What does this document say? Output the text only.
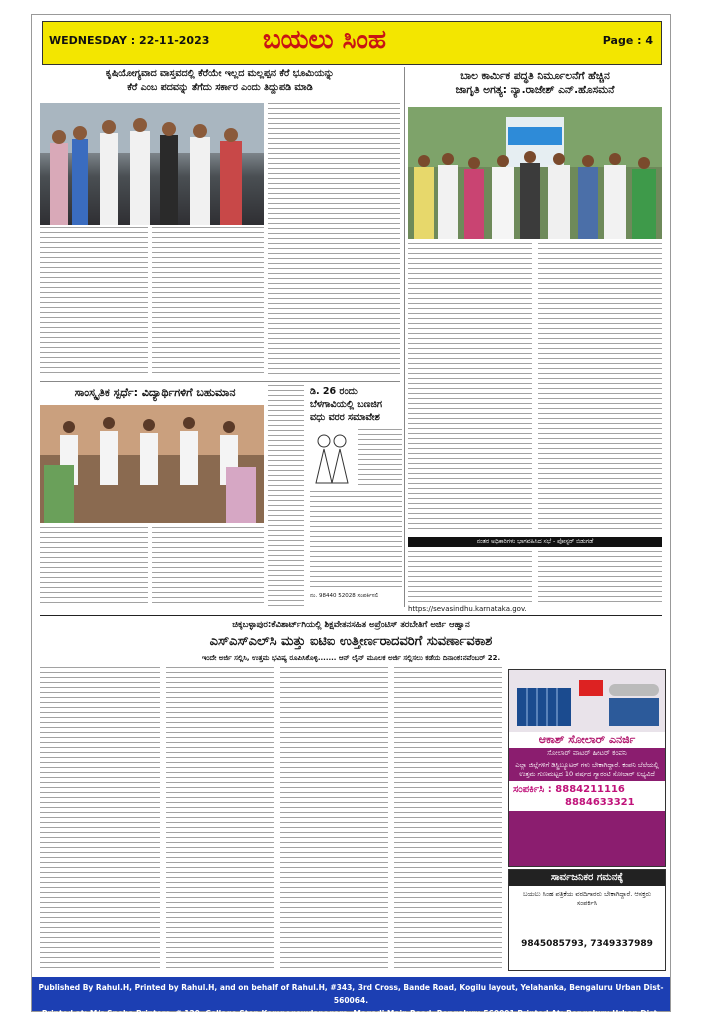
WEDNESDAY : 22-11-2023 ಬಯಲು ಸಿಂಹ	Page : 4
ಕೃಷಿಯೋಗ್ಯವಾದ ವಾಸ್ತವದಲ್ಲಿ ಕೆರೆಯೇ ಇಲ್ಲದ ಮಲ್ಲಪ್ಪನ ಕೆರೆ ಭೂಮಿಯನ್ನು
ಕೆರೆ ಎಂಬ ಪದವನ್ನು ತೆಗೆದು ಸರ್ಕಾರ ಎಂದು ತಿದ್ದುಪಡಿ ಮಾಡಿ
ಬಾಲ ಕಾರ್ಮಿಕ ಪದ್ಧತಿ ನಿರ್ಮೂಲನೆಗೆ ಹೆಚ್ಚಿನ
ಜಾಗೃತಿ ಅಗತ್ಯ: ನ್ಯಾ.ರಾಜೇಶ್ ಎನ್.ಹೊಸಮನೆ
ನಂತರ ಅಧಿಕಾರಿಗಳು ಭಾಗವಹಿಸಿದ ಸಭೆ - ಪೋಸ್ಟರ್ ಬಿಡುಗಡೆ
ಸಾಂಸ್ಕೃತಿಕ ಸ್ಪರ್ಧೆ: ವಿದ್ಯಾರ್ಥಿಗಳಿಗೆ ಬಹುಮಾನ	ಡಿ. 26 ರಂದು
ಬೆಳಗಾವಿಯಲ್ಲಿ ಬಣಜಿಗ
ವಧು ವರರ ಸಮಾವೇಶ
ನಂ. 98440 52028 ಸಂಪರ್ಕಿಸಲಿ
https://sevasindhu.karnataka.gov.
ಚಿಕ್ಕಬಳ್ಳಾಪುರ:ಕೆವಿಶಾರ್ಟ್‌ಗಿಯಲ್ಲಿ ಶಿಕ್ಷವೇತನಸಹಿತ ಅಪ್ರೆಂಟಿಸ್ ತರಬೇತಿಗೆ ಅರ್ಜಿ ಆಹ್ವಾನ
ಎಸ್‌ಎಸ್‌ಎಲ್‌ಸಿ ಮತ್ತು ಐಟಿಐ ಉತ್ತೀರ್ಣರಾದವರಿಗೆ ಸುವರ್ಣಾವಕಾಶ
ಇಂದೇ ಅರ್ಜಿ ಸಲ್ಲಿಸಿ, ಉತ್ತಮ ಭವಿಷ್ಯ ರೂಪಿಸಿಕೊಳ್ಳಿ....... ಆನ್ ಲೈನ್ ಮೂಲಕ ಅರ್ಜಿ ಸಲ್ಲಿಸಲು ಕಡೆಯ ದಿನಾಂಕ:ನವೆಂಬರ್ 22.
ಆಕಾಶ್ ಸೋಲಾರ್ ಎನರ್ಜಿ
ಸೋಲಾರ್ ವಾಟರ್ ಹೀಟರ್ ಕಂಪನಿ
ಎಲ್ಲಾ ಜಿಲ್ಲೆಗಳಿಗೆ ಡಿಸ್ಟ್ರಿಬ್ಯೂಟರ್ ಗಳು ಬೇಕಾಗಿದ್ದಾರೆ. ಕಂಪನಿ ಬೆಲೆಯಲ್ಲಿ ಉತ್ತಮ ಗುಣಮಟ್ಟದ 10 ವರ್ಷದ ಗ್ಯಾರಂಟಿ ಸೋಲಾರ್ ಲಭ್ಯವಿದೆ
ಸಂಪರ್ಕಿಸಿ : 8884211116
8884633321
ಸಾರ್ವಜನಿಕರ ಗಮನಕ್ಕೆ
ಬಯಲು ಸಿಂಹ ಪತ್ರಿಕೆಯ ವರದಿಗಾರರು ಬೇಕಾಗಿದ್ದಾರೆ. ಆಸಕ್ತರು ಸಂಪರ್ಕಿಸಿ
9845085793, 7349337989
Published By Rahul.H, Printed by Rahul.H, and on behalf of Rahul.H, #343, 3rd Cross, Bande Road, Kogilu layout, Yelahanka, Bengaluru Urban Dist-560064.
Printed at: M/s Sneha Printers, # 129, Collage Stop Kempegowdanagara, Magadi Main Road, Bengaluru-560091 Printed At: Bengaluru Urban Dist. Editor: Rahul.H.
